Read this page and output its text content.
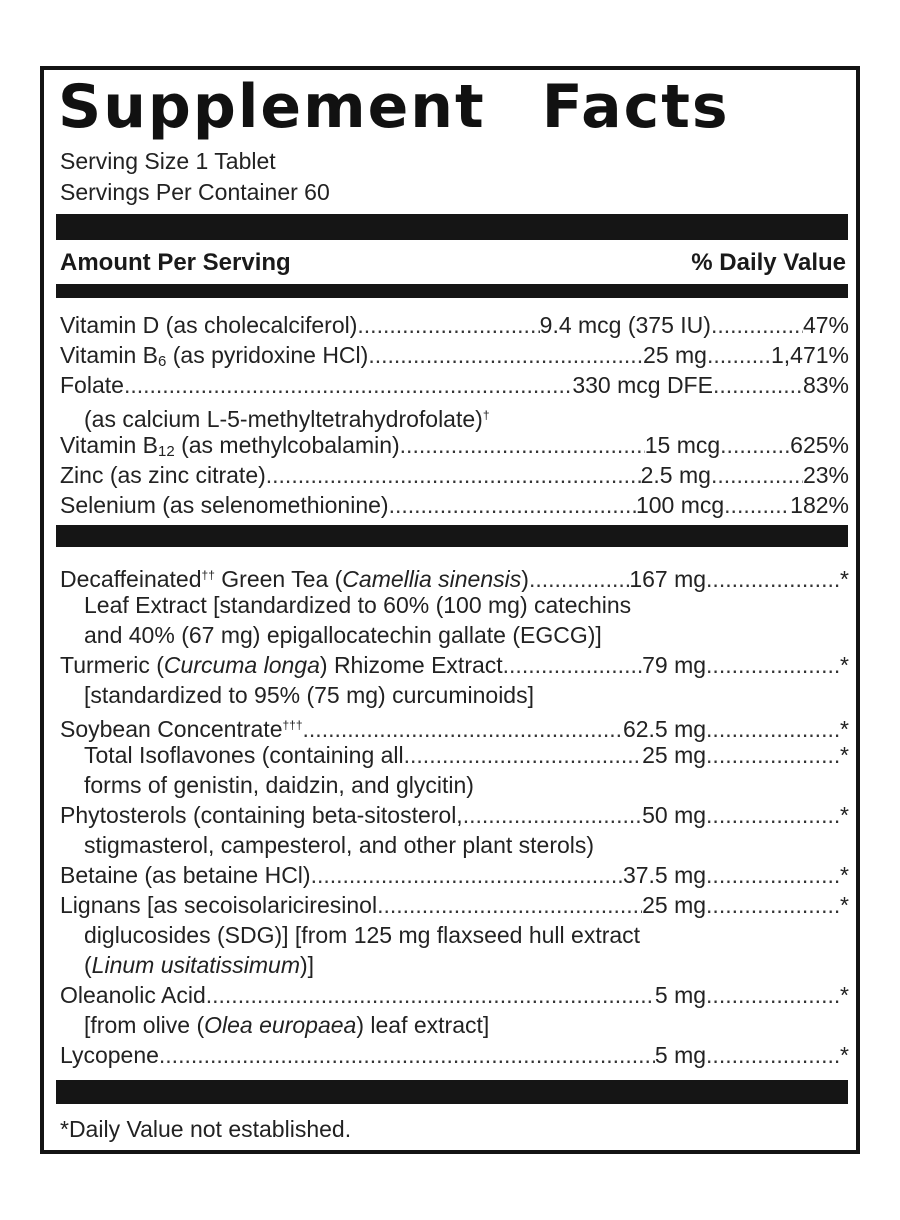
Supplement Facts
Serving Size 1 Tablet
Servings Per Container 60
Amount Per Serving	% Daily Value
Vitamin D (as cholecalciferol) .....	9.4 mcg (375 IU) .....	47%
Vitamin $B_6$ (as pyridoxine HCl) .....	25 mg .....	1,471%
Folate .....	330 mcg DFE .....	83%
(as calcium L-5-methyltetrahydrofolate)†
Vitamin $B_{12}$ (as methylcobalamin) .....	15 mcg .....	625%
Zinc (as zinc citrate) .....	2.5 mg .....	23%
Selenium (as selenomethionine) .....	100 mcg .....	182%
Decaffeinated†† Green Tea (Camellia sinensis) .....	167 mg .....	*
Leaf Extract [standardized to 60% (100 mg) catechins
and 40% (67 mg) epigallocatechin gallate (EGCG)]
Turmeric (Curcuma longa) Rhizome Extract .....	79 mg .....	*
[standardized to 95% (75 mg) curcuminoids]
Soybean Concentrate††† .....	62.5 mg .....	*
Total Isoflavones (containing all .....	25 mg .....	*
forms of genistin, daidzin, and glycitin)
Phytosterols (containing beta-sitosterol, .....	50 mg .....	*
stigmasterol, campesterol, and other plant sterols)
Betaine (as betaine HCl) .....	37.5 mg .....	*
Lignans [as secoisolariciresinol .....	25 mg .....	*
diglucosides (SDG)] [from 125 mg flaxseed hull extract
(Linum usitatissimum)]
Oleanolic Acid .....	5 mg .....	*
[from olive (Olea europaea) leaf extract]
Lycopene .....	5 mg .....	*
*Daily Value not established.
